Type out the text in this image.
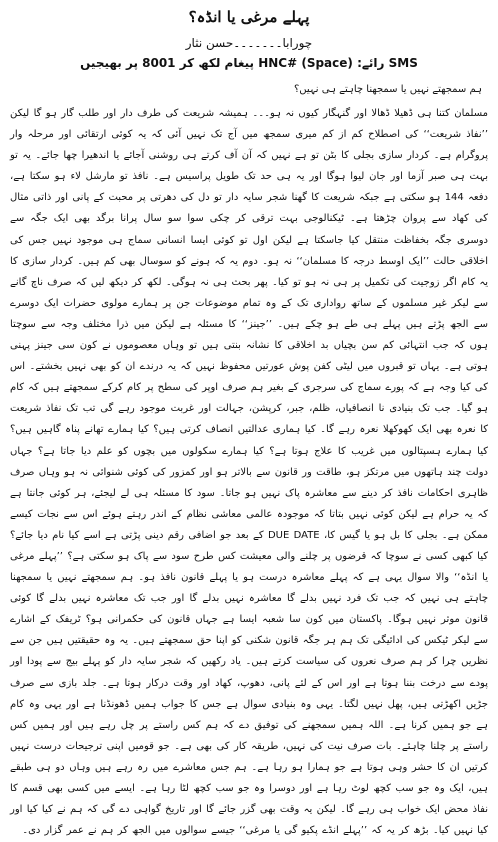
پہلے مرغی یا انڈہ؟
چورابا۔۔۔۔۔۔۔حسن نثار
SMS رائے: HNC# (Space) پیغام لکھ کر 8001 پر بھیجیں
ہم سمجھتے نہیں یا سمجھنا چاہتے ہی نہیں؟

مسلمان کتنا ہی ڈھیلا ڈھالا اور گنہگار کیوں نہ ہو۔۔۔ ہمیشہ شریعت کی طرف دار اور طلب گار ہو گا لیکن ’’نفاذ شریعت‘‘ کی اصطلاح کم از کم میری سمجھ میں آج تک نہیں آئی کہ یہ کوئی ارتقائی اور مرحلہ وار پروگرام ہے۔ کردار سازی بجلی کا بٹن تو ہے نہیں کہ آن آف کرتے ہی روشنی آجائے یا اندھیرا چھا جائے۔ یہ تو بہت ہی صبر آزما اور جان لیوا ہوگا اور یہ ہی حد تک طویل پراسیس ہے۔ نافذ تو مارشل لاء ہو سکتا ہے، دفعہ 144 ہو سکتی ہے جبکہ شریعت کا گھنا شجر سایہ دار تو دل کی دھرتی پر محبت کے پانی اور ذاتی مثال کی کھاد سے پروان چڑھتا ہے۔ ٹیکنالوجی بہت ترقی کر چکی سوا سو سال پرانا برگد بھی ایک جگہ سے دوسری جگہ بخفاظت منتقل کیا جاسکتا ہے لیکن اول تو کوئی ایسا انسانی سماج ہی موجود نہیں جس کی اخلاقی حالت ’’ایک اوسط درجہ کا مسلمان‘‘ نہ ہو۔ دوم یہ کہ ہونے کو سوسال بھی کم ہیں۔ کردار سازی کا یہ کام اگر زوجیت کی تکمیل پر ہی نہ ہو تو کیا۔ پھر بحث ہی نہ ہوگی۔ لکھ کر دیکھ لیں کہ صرف ناچ گانے سے لیکر غیر مسلموں کے ساتھ رواداری تک کے وہ تمام موضوعات جن پر ہمارے مولوی حضرات ایک دوسرے سے الجھ پڑتے ہیں پہلے ہی طے ہو چکے ہیں۔ ’’جینز‘‘ کا مسئلہ ہے لیکن میں ذرا مختلف وجہ سے سوچتا ہوں کہ جب انتہائی کم سن بچیاں بد اخلاقی کا نشانہ بنتی ہیں تو وہاں معصوموں نے کون سی جینز پہنی ہوتی ہے۔ یہاں تو قبروں میں لیٹی کفن پوش عورتیں محفوظ نہیں کہ یہ درندے ان کو بھی نہیں بخشتے۔ اس کی کیا وجہ ہے کہ پورے سماج کی سرجری کے بغیر ہم صرف اوپر کی سطح پر کام کرکے سمجھتے ہیں کہ کام ہو گیا۔ جب تک بنیادی نا انصافیاں، ظلم، جبر، کرپشن، جہالت اور غربت موجود رہے گی تب تک نفاذ شریعت کا نعرہ بھی ایک کھوکھلا نعرہ رہے گا۔ کیا ہماری عدالتیں انصاف کرتی ہیں؟ کیا ہمارے تھانے پناہ گاہیں ہیں؟ کیا ہمارے ہسپتالوں میں غریب کا علاج ہوتا ہے؟ کیا ہمارے سکولوں میں بچوں کو علم دیا جاتا ہے؟ جہاں دولت چند ہاتھوں میں مرتکز ہو، طاقت ور قانون سے بالاتر ہو اور کمزور کی کوئی شنوائی نہ ہو وہاں صرف ظاہری احکامات نافذ کر دینے سے معاشرہ پاک نہیں ہو جاتا۔ سود کا مسئلہ ہی لے لیجئے، ہر کوئی جانتا ہے کہ یہ حرام ہے لیکن کوئی نہیں بتاتا کہ موجودہ عالمی معاشی نظام کے اندر رہتے ہوئے اس سے نجات کیسے ممکن ہے۔ بجلی کا بل ہو یا گیس کا، DUE DATE کے بعد جو اضافی رقم دینی پڑتی ہے اسے کیا نام دیا جائے؟ کیا کبھی کسی نے سوچا کہ قرضوں پر چلنے والی معیشت کس طرح سود سے پاک ہو سکتی ہے؟ ’’پہلے مرغی یا انڈہ‘‘ والا سوال یہی ہے کہ پہلے معاشرہ درست ہو یا پہلے قانون نافذ ہو۔ ہم سمجھتے نہیں یا سمجھنا چاہتے ہی نہیں کہ جب تک فرد نہیں بدلے گا معاشرہ نہیں بدلے گا اور جب تک معاشرہ نہیں بدلے گا کوئی قانون موثر نہیں ہوگا۔ پاکستان میں کون سا شعبہ ایسا ہے جہاں قانون کی حکمرانی ہو؟ ٹریفک کے اشارے سے لیکر ٹیکس کی ادائیگی تک ہم ہر جگہ قانون شکنی کو اپنا حق سمجھتے ہیں۔ یہ وہ حقیقتیں ہیں جن سے نظریں چرا کر ہم صرف نعروں کی سیاست کرتے ہیں۔ یاد رکھیں کہ شجر سایہ دار کو پہلے بیج سے پودا اور پودے سے درخت بننا ہوتا ہے اور اس کے لئے پانی، دھوپ، کھاد اور وقت درکار ہوتا ہے۔ جلد بازی سے صرف جڑیں اکھڑتی ہیں، پھل نہیں لگتا۔ یہی وہ بنیادی سوال ہے جس کا جواب ہمیں ڈھونڈنا ہے اور یہی وہ کام ہے جو ہمیں کرنا ہے۔ اللہ ہمیں سمجھنے کی توفیق دے کہ ہم کس راستے پر چل رہے ہیں اور ہمیں کس راستے پر چلنا چاہئے۔ بات صرف نیت کی نہیں، طریقہ کار کی بھی ہے۔ جو قومیں اپنی ترجیحات درست نہیں کرتیں ان کا حشر وہی ہوتا ہے جو ہمارا ہو رہا ہے۔ ہم جس معاشرے میں رہ رہے ہیں وہاں دو ہی طبقے ہیں، ایک وہ جو سب کچھ لوٹ رہا ہے اور دوسرا وہ جو سب کچھ لٹا رہا ہے۔ ایسے میں کسی بھی قسم کا نفاذ محض ایک خواب ہی رہے گا۔ لیکن یہ وقت بھی گزر جائے گا اور تاریخ گواہی دے گی کہ ہم نے کیا کیا اور کیا نہیں کیا۔ بڑھ کر یہ کہ ’’پہلے انڈے پکیو گی یا مرغی‘‘ جیسے سوالوں میں الجھ کر ہم نے عمر گزار دی۔
